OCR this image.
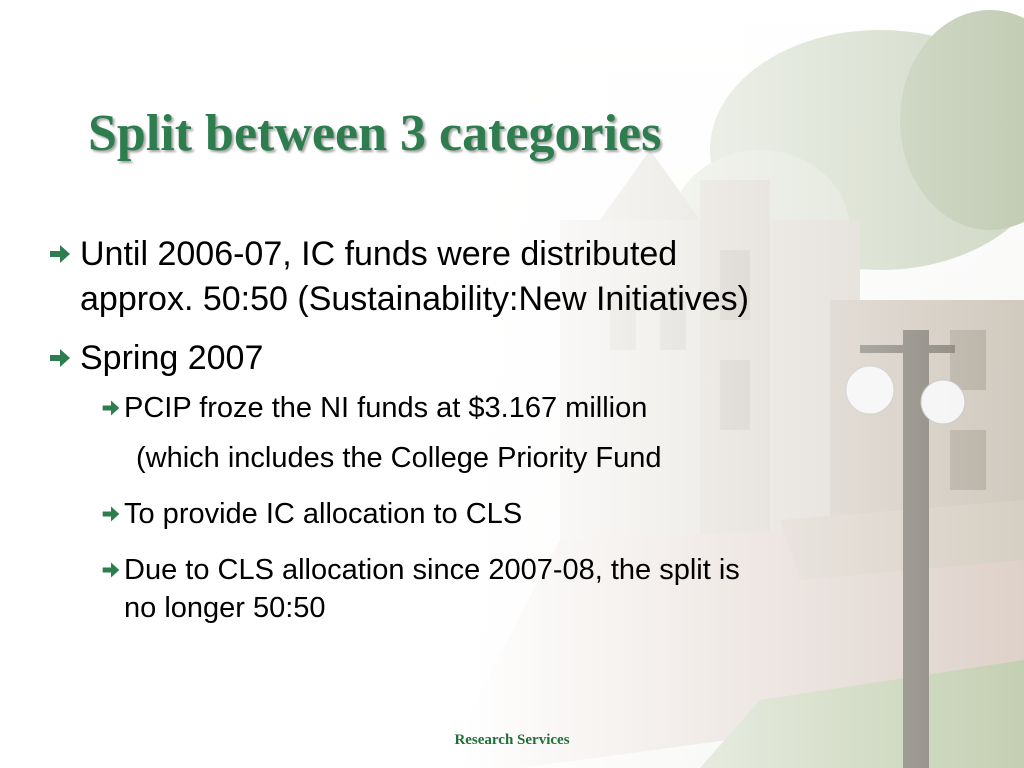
Split between 3 categories
Until 2006-07, IC funds were distributed
approx. 50:50 (Sustainability:New Initiatives)
Spring 2007
PCIP froze the NI funds at $3.167 million
(which includes the College Priority Fund
To provide IC allocation to CLS
Due to CLS allocation since 2007-08, the split is
no longer 50:50
Research Services
